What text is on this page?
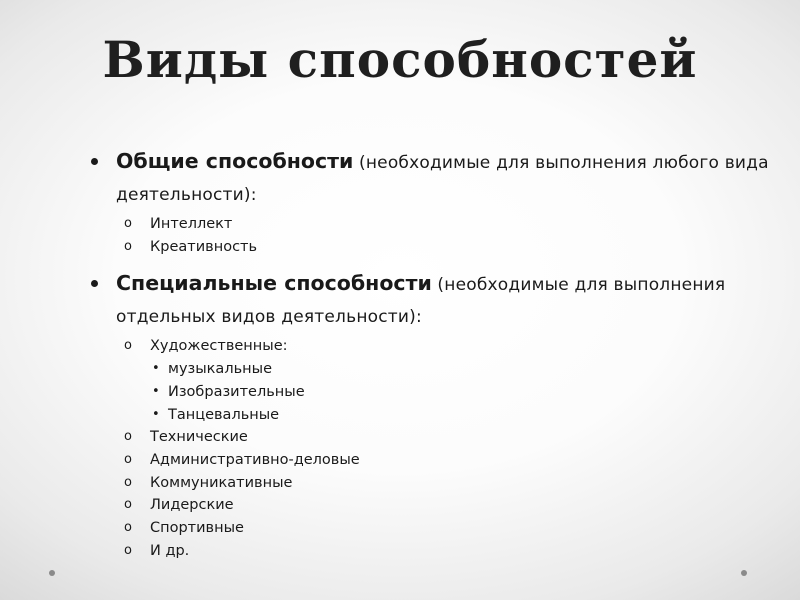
Виды способностей
Общие способности (необходимые для выполнения любого вида деятельности):
o Интеллект
o Креативность
Специальные способности (необходимые для выполнения отдельных видов деятельности):
o Художественные:
• музыкальные
• Изобразительные
• Танцевальные
o Технические
o Административно-деловые
o Коммуникативные
o Лидерские
o Спортивные
o И др.
